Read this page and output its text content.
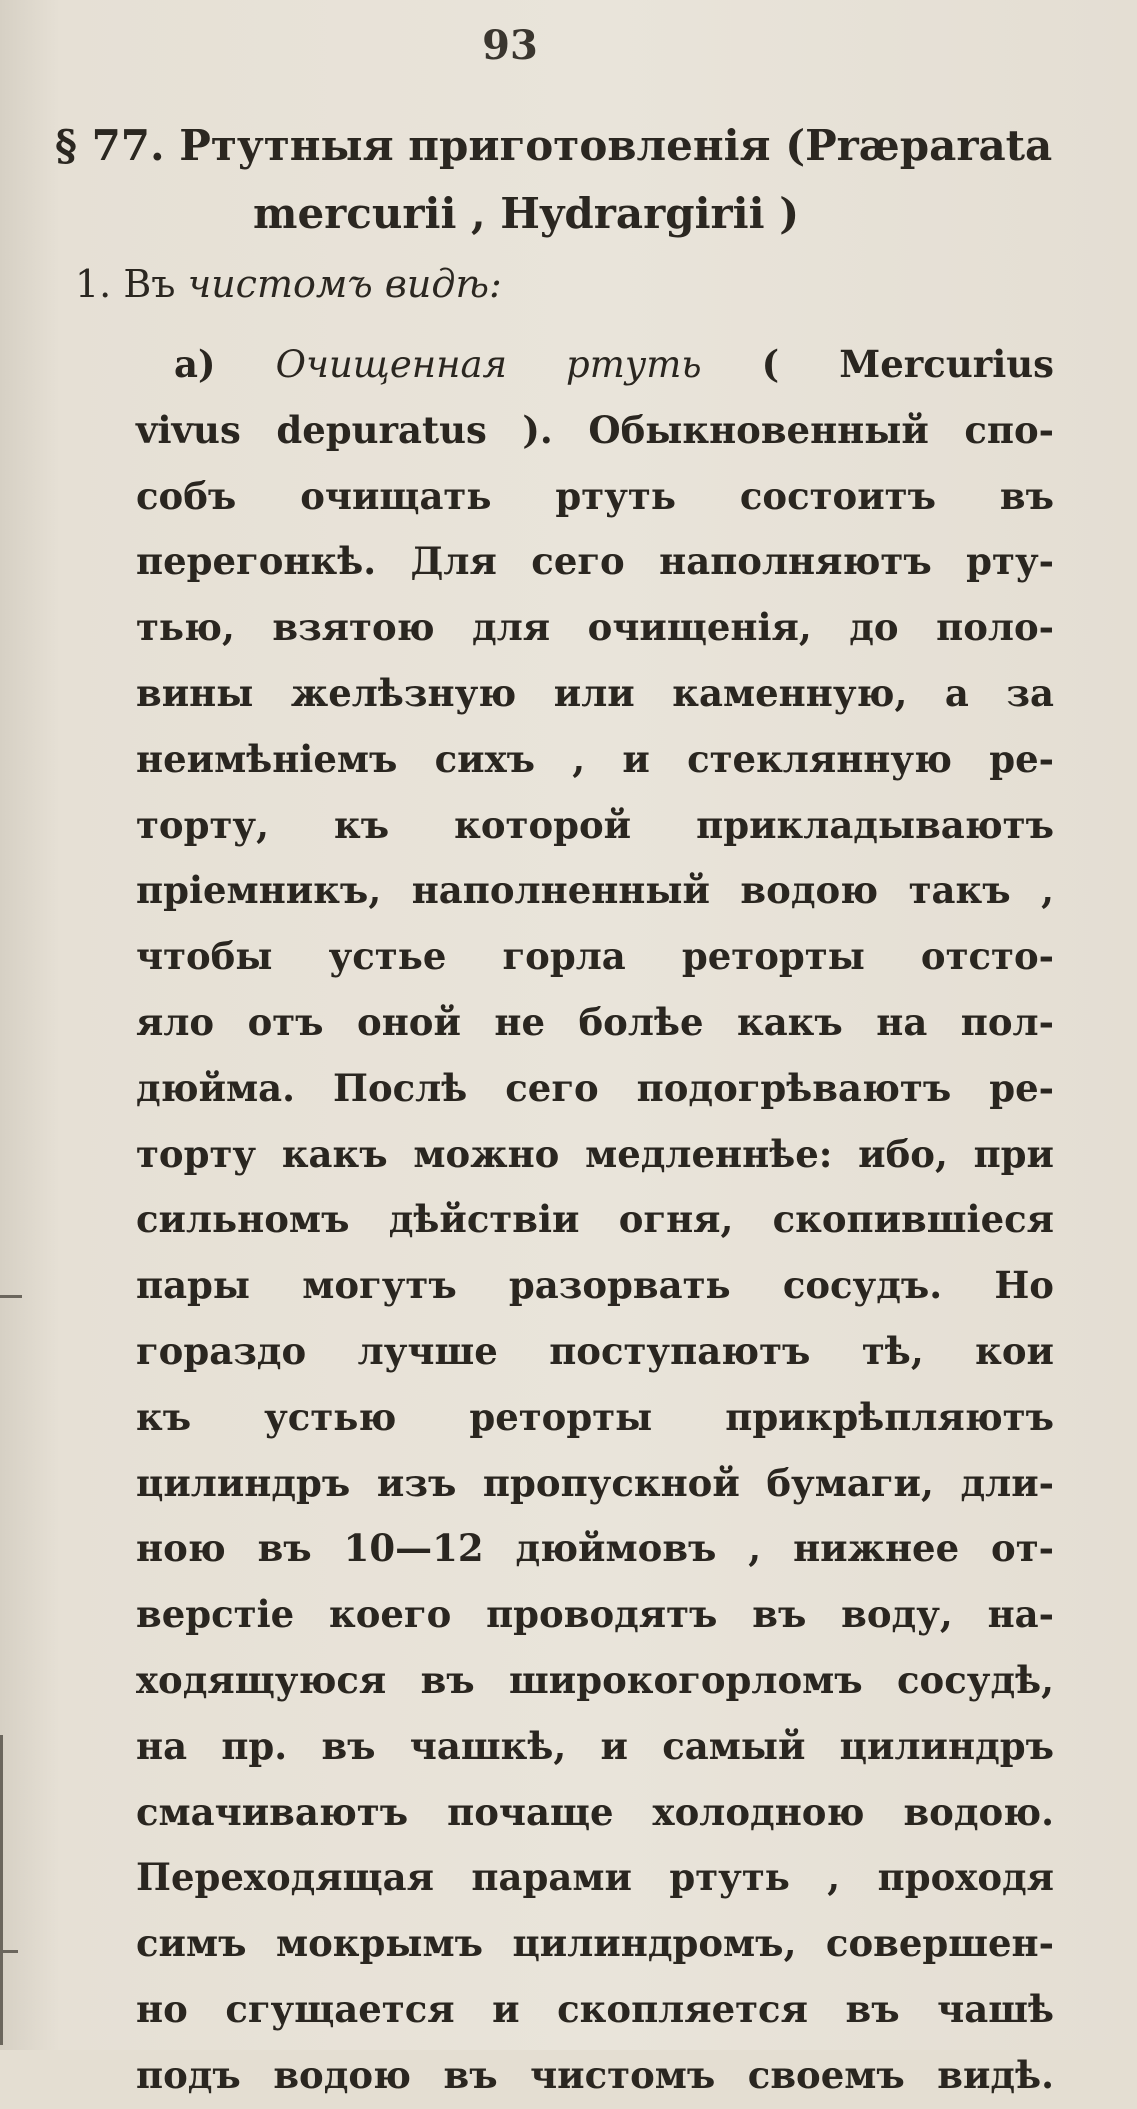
93
§ 77. Ртутныя приготовленія (Præparata
mercurii , Hydrargirii )
1. Въ чистомъ видѣ:
а) Очищенная ртуть ( Mercurius
vivus depuratus ). Обыкновенный спо-
собъ очищать ртуть состоитъ въ
перегонкѣ. Для сего наполняютъ рту-
тью, взятою для очищенія, до поло-
вины желѣзную или каменную, а за
неимѣніемъ сихъ , и стеклянную ре-
торту, къ которой прикладываютъ
пріемникъ, наполненный водою такъ ,
чтобы устье горла реторты отсто-
яло отъ оной не болѣе какъ на пол-
дюйма. Послѣ сего подогрѣваютъ ре-
торту какъ можно медленнѣе: ибо, при
сильномъ дѣйствіи огня, скопившіеся
пары могутъ разорвать сосудъ. Но
гораздо лучше поступаютъ тѣ, кои
къ устью реторты прикрѣпляютъ
цилиндръ изъ пропускной бумаги, дли-
ною въ 10—12 дюймовъ , нижнее от-
верстіе коего проводятъ въ воду, на-
ходящуюся въ широкогорломъ сосудѣ,
на пр. въ чашкѣ, и самый цилиндръ
смачиваютъ почаще холодною водою.
Переходящая парами ртуть , проходя
симъ мокрымъ цилиндромъ, совершен-
но сгущается и скопляется въ чашѣ
подъ водою въ чистомъ своемъ видѣ.
